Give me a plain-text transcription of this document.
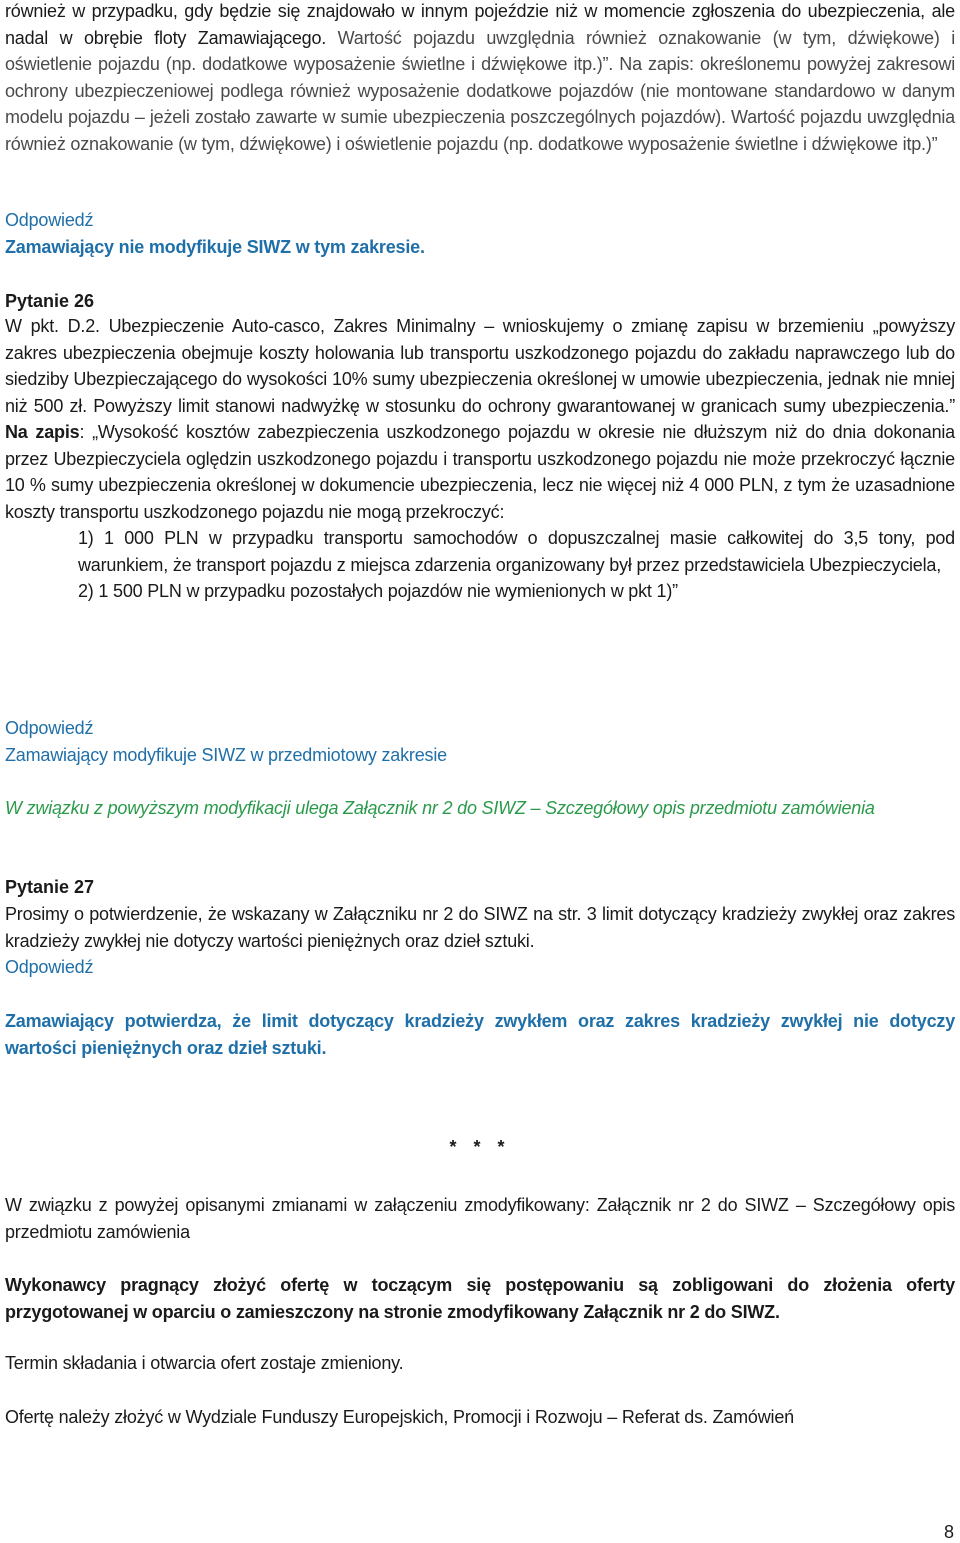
również w przypadku, gdy będzie się znajdowało w innym pojeździe niż w momencie zgłoszenia do ubezpieczenia, ale nadal w obrębie floty Zamawiającego. Wartość pojazdu uwzględnia również oznakowanie (w tym, dźwiękowe) i oświetlenie pojazdu (np. dodatkowe wyposażenie świetlne i dźwiękowe itp.)”. Na zapis: określonemu powyżej zakresowi ochrony ubezpieczeniowej podlega również wyposażenie dodatkowe pojazdów (nie montowane standardowo w danym modelu pojazdu – jeżeli zostało zawarte w sumie ubezpieczenia poszczególnych pojazdów). Wartość pojazdu uwzględnia również oznakowanie (w tym, dźwiękowe) i oświetlenie pojazdu (np. dodatkowe wyposażenie świetlne i dźwiękowe itp.)”

Odpowiedź

Zamawiający nie modyfikuje SIWZ w tym zakresie.

Pytanie 26

W pkt. D.2. Ubezpieczenie Auto-casco, Zakres Minimalny – wnioskujemy o zmianę zapisu w brzemieniu „powyższy zakres ubezpieczenia obejmuje koszty holowania lub transportu uszkodzonego pojazdu do zakładu naprawczego lub do siedziby Ubezpieczającego do wysokości 10% sumy ubezpieczenia określonej w umowie ubezpieczenia, jednak nie mniej niż 500 zł. Powyższy limit stanowi nadwyżkę w stosunku do ochrony gwarantowanej w granicach sumy ubezpieczenia.” Na zapis: „Wysokość kosztów zabezpieczenia uszkodzonego pojazdu w okresie nie dłuższym niż do dnia dokonania przez Ubezpieczyciela oględzin uszkodzonego pojazdu i transportu uszkodzonego pojazdu nie może przekroczyć łącznie 10 % sumy ubezpieczenia określonej w dokumencie ubezpieczenia, lecz nie więcej niż 4 000 PLN, z tym że uzasadnione koszty transportu uszkodzonego pojazdu nie mogą przekroczyć:

1) 1 000 PLN w przypadku transportu samochodów o dopuszczalnej masie całkowitej do 3,5 tony, pod warunkiem, że transport pojazdu z miejsca zdarzenia organizowany był przez przedstawiciela Ubezpieczyciela,

2) 1 500 PLN w przypadku pozostałych pojazdów nie wymienionych w pkt 1)”

Odpowiedź

Zamawiający modyfikuje SIWZ w przedmiotowy zakresie

W związku z powyższym modyfikacji ulega Załącznik nr 2 do SIWZ – Szczegółowy opis przedmiotu zamówienia

Pytanie 27

Prosimy o potwierdzenie, że wskazany w Załączniku nr 2 do SIWZ na str. 3 limit dotyczący kradzieży zwykłej oraz zakres kradzieży zwykłej nie dotyczy wartości pieniężnych oraz dzieł sztuki.

Odpowiedź

Zamawiający potwierdza, że limit dotyczący kradzieży zwykłem oraz zakres kradzieży zwykłej nie dotyczy wartości pieniężnych oraz dzieł sztuki.

* * *

W związku z powyżej opisanymi zmianami w załączeniu zmodyfikowany: Załącznik nr 2 do SIWZ – Szczegółowy opis przedmiotu zamówienia

Wykonawcy pragnący złożyć ofertę w toczącym się postępowaniu są zobligowani do złożenia oferty przygotowanej w oparciu o zamieszczony na stronie zmodyfikowany Załącznik nr 2 do SIWZ.

Termin składania i otwarcia ofert zostaje zmieniony.

Ofertę należy złożyć w Wydziale Funduszy Europejskich, Promocji i Rozwoju – Referat ds. Zamówień

8
